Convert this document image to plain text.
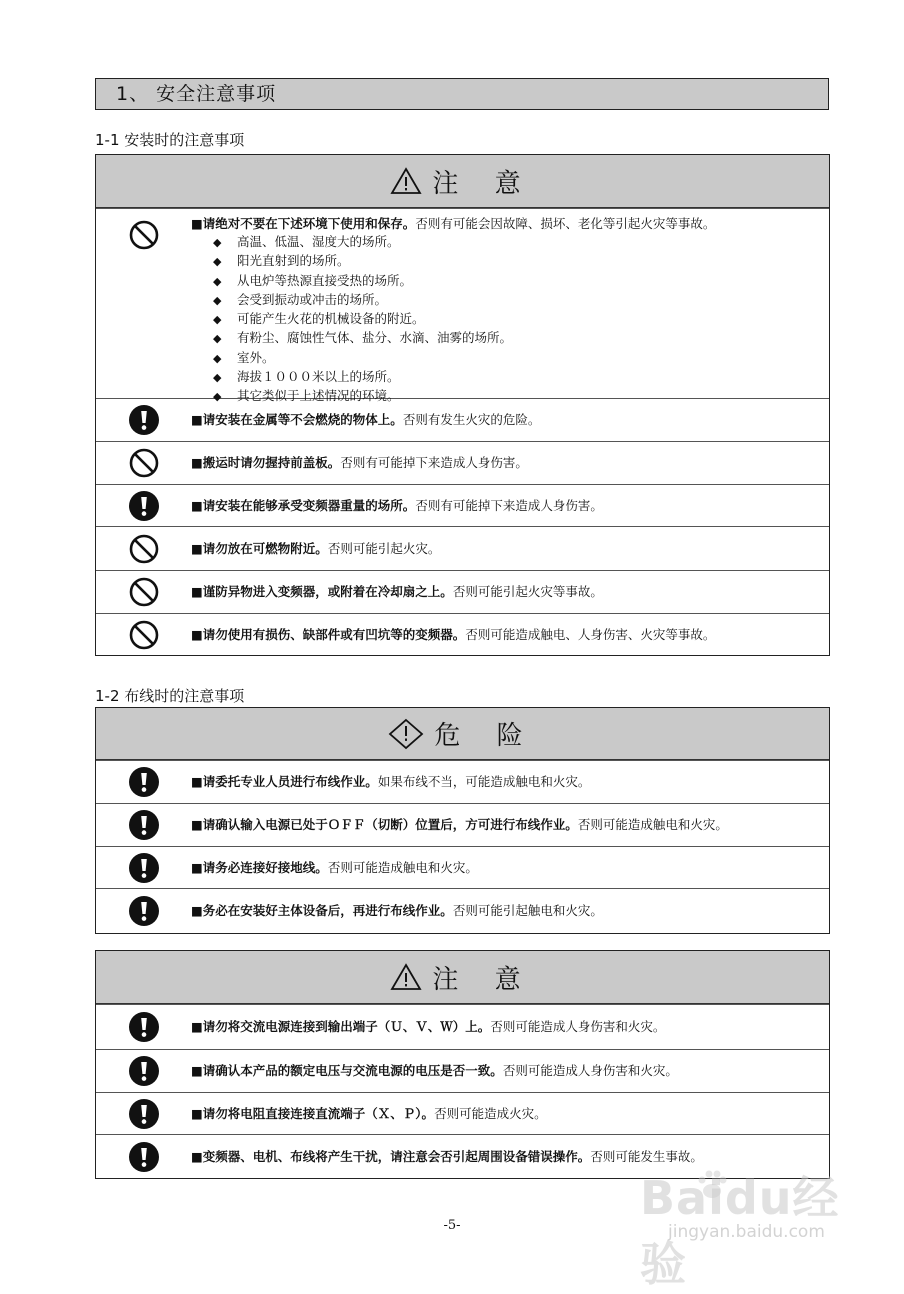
1、 安全注意事项
1-1 安装时的注意事项
注 意
■请绝对不要在下述环境下使用和保存。否则有可能会因故障、损坏、老化等引起火灾等事故。
◆ 高温、低温、湿度大的场所。
◆ 阳光直射到的场所。
◆ 从电炉等热源直接受热的场所。
◆ 会受到振动或冲击的场所。
◆ 可能产生火花的机械设备的附近。
◆ 有粉尘、腐蚀性气体、盐分、水滴、油雾的场所。
◆ 室外。
◆ 海拔１０００米以上的场所。
◆ 其它类似于上述情况的环境。
■请安装在金属等不会燃烧的物体上。否则有发生火灾的危险。
■搬运时请勿握持前盖板。否则有可能掉下来造成人身伤害。
■请安装在能够承受变频器重量的场所。否则有可能掉下来造成人身伤害。
■请勿放在可燃物附近。否则可能引起火灾。
■谨防异物进入变频器，或附着在冷却扇之上。否则可能引起火灾等事故。
■请勿使用有损伤、缺部件或有凹坑等的变频器。否则可能造成触电、人身伤害、火灾等事故。
1-2 布线时的注意事项
危 险
■请委托专业人员进行布线作业。如果布线不当，可能造成触电和火灾。
■请确认输入电源已处于ＯＦＦ（切断）位置后，方可进行布线作业。否则可能造成触电和火灾。
■请务必连接好接地线。否则可能造成触电和火灾。
■务必在安装好主体设备后，再进行布线作业。否则可能引起触电和火灾。
注 意
■请勿将交流电源连接到输出端子（Ｕ、Ｖ、Ｗ）上。否则可能造成人身伤害和火灾。
■请确认本产品的额定电压与交流电源的电压是否一致。否则可能造成人身伤害和火灾。
■请勿将电阻直接连接直流端子（Ｘ、Ｐ）。否则可能造成火灾。
■变频器、电机、布线将产生干扰，请注意会否引起周围设备错误操作。否则可能发生事故。
-5-
Baidu经验
jingyan.baidu.com
